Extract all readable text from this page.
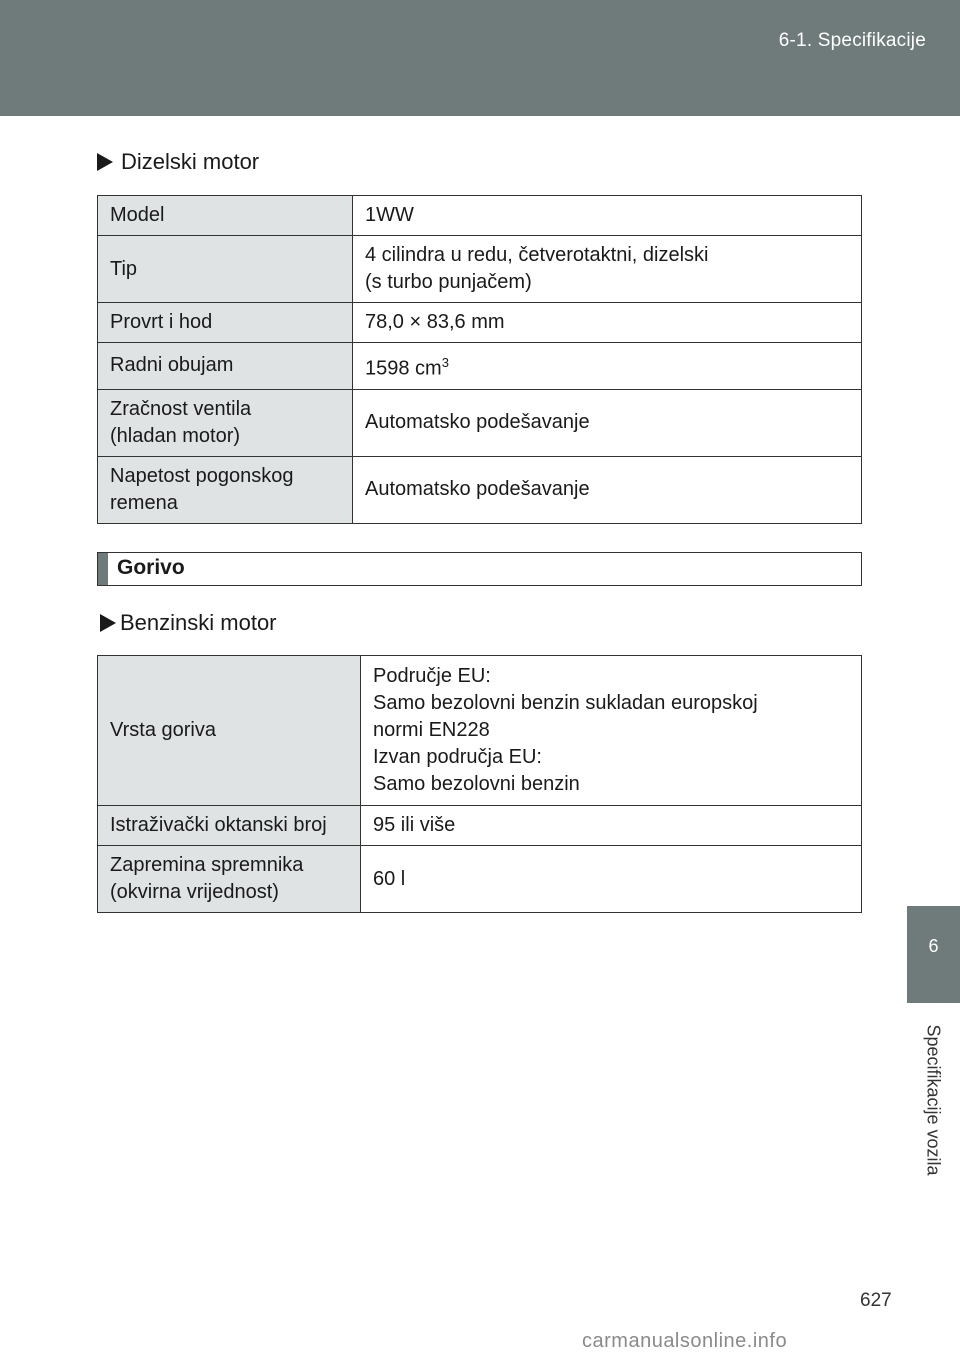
6-1. Specifikacije
6
Specifikacije vozila
Dizelski motor
Model	1WW

Tip	4 cilindra u redu, četverotaktni, dizelski
(s turbo punjačem)

Provrt i hod	78,0 × 83,6 mm

Radni obujam	1598 $cm^3$

Zračnost ventila
(hladan motor)	Automatsko podešavanje

Napetost pogonskog
remena	Automatsko podešavanje
Gorivo
Benzinski motor
Vrsta goriva	Područje EU:
Samo bezolovni benzin sukladan europskoj
normi EN228
Izvan područja EU:
Samo bezolovni benzin

Istraživački oktanski broj	95 ili više

Zapremina spremnika
(okvirna vrijednost)	60 l
627
carmanualsonline.info
